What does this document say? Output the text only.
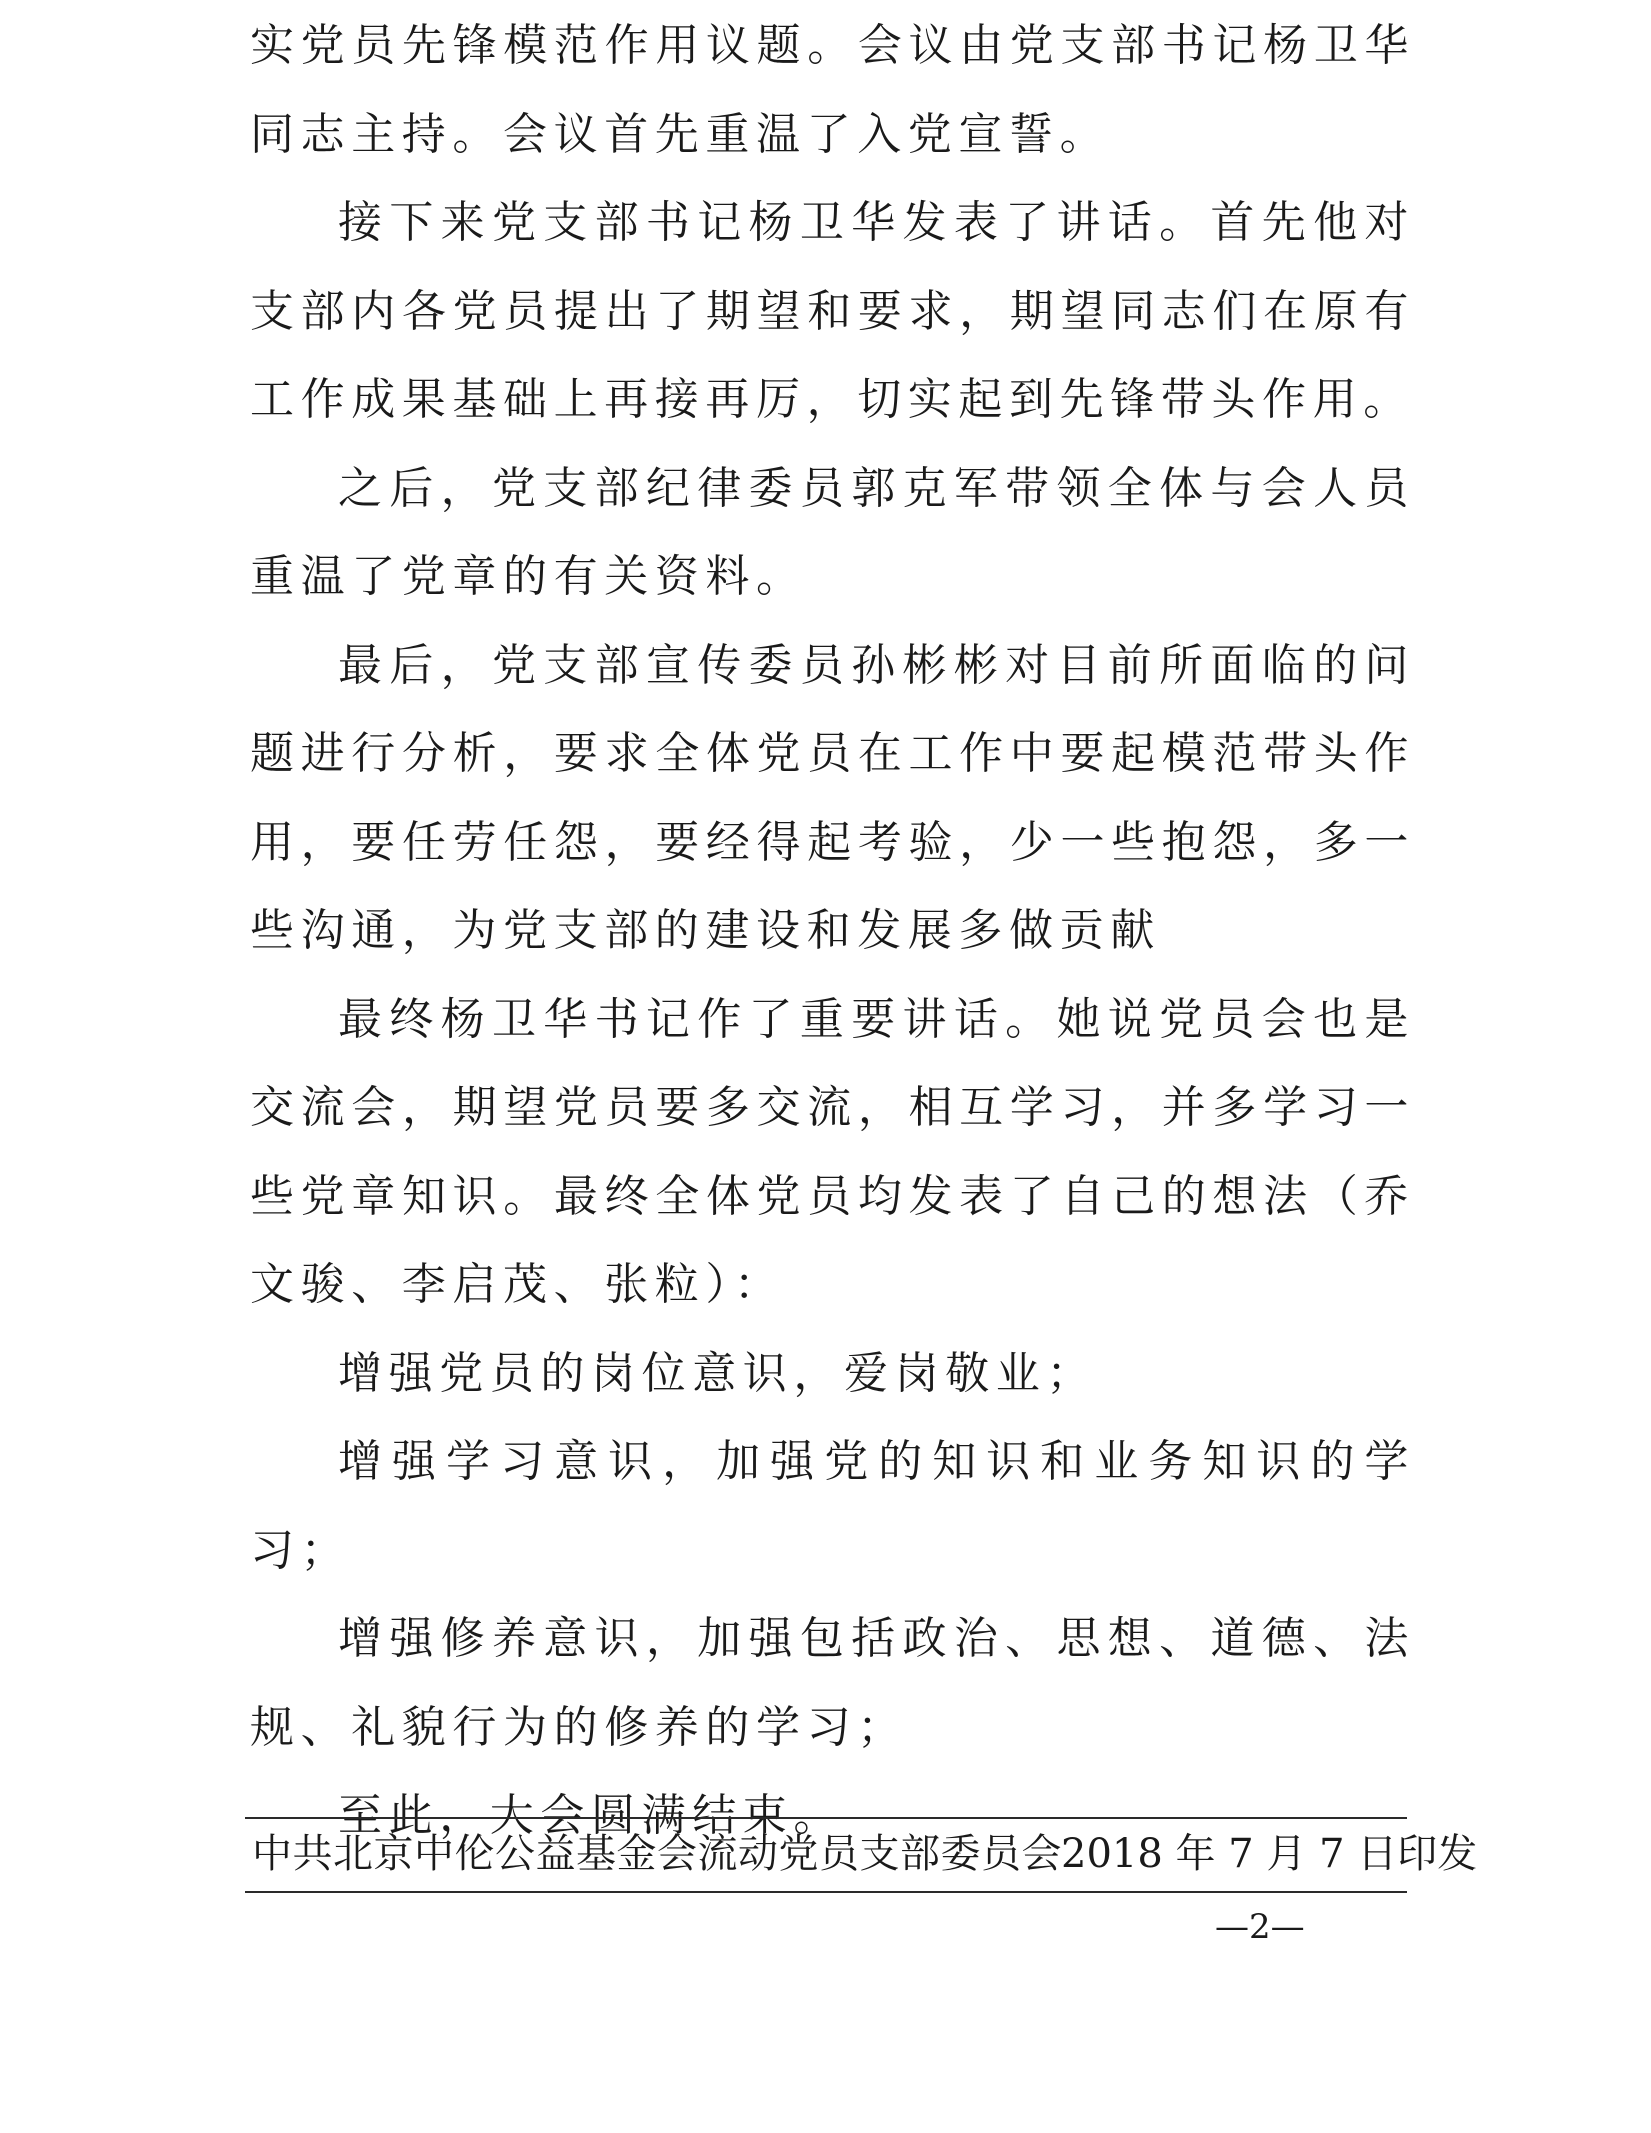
实党员先锋模范作用议题。会议由党支部书记杨卫华同志主持。会议首先重温了入党宣誓。

接下来党支部书记杨卫华发表了讲话。首先他对支部内各党员提出了期望和要求，期望同志们在原有工作成果基础上再接再厉，切实起到先锋带头作用。

之后，党支部纪律委员郭克军带领全体与会人员重温了党章的有关资料。

最后，党支部宣传委员孙彬彬对目前所面临的问题进行分析，要求全体党员在工作中要起模范带头作用，要任劳任怨，要经得起考验，少一些抱怨，多一些沟通，为党支部的建设和发展多做贡献

最终杨卫华书记作了重要讲话。她说党员会也是交流会，期望党员要多交流，相互学习，并多学习一些党章知识。最终全体党员均发表了自己的想法（乔文骏、李启茂、张粒）：

增强党员的岗位意识，爱岗敬业；

增强学习意识，加强党的知识和业务知识的学习；

增强修养意识，加强包括政治、思想、道德、法规、礼貌行为的修养的学习；

至此，大会圆满结束。

中共北京中伦公益基金会流动党员支部委员会 2018 年 7 月 7 日印发
—2—
